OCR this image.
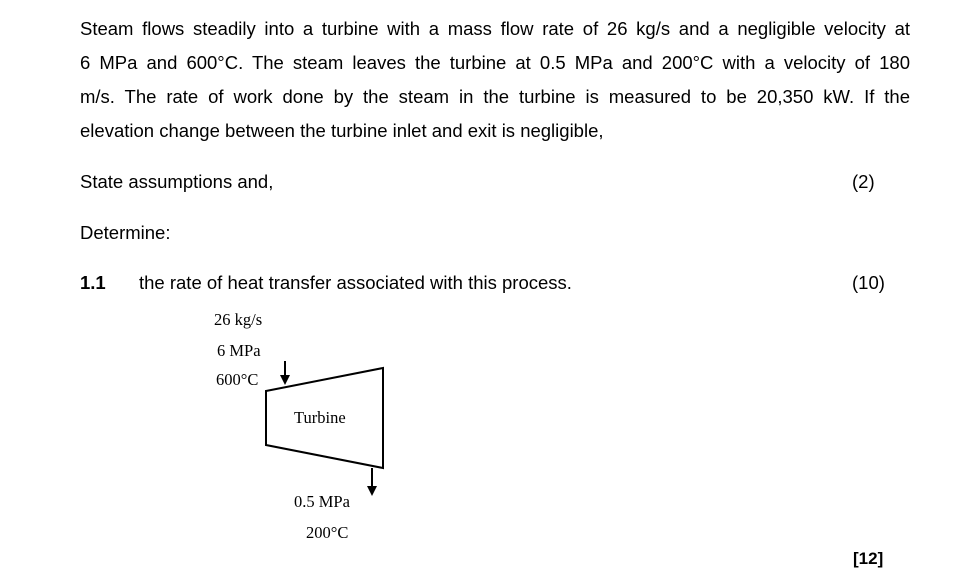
Steam flows steadily into a turbine with a mass flow rate of 26 kg/s and a negligible velocity at
6 MPa and 600°C. The steam leaves the turbine at 0.5 MPa and 200°C with a velocity of 180
m/s. The rate of work done by the steam in the turbine is measured to be 20,350 kW. If the
elevation change between the turbine inlet and exit is negligible,
State assumptions and,	(2)
Determine:
1.1 the rate of heat transfer associated with this process.	(10)
26 kg/s
6 MPa
600°C
Turbine
0.5 MPa
200°C
[12]
